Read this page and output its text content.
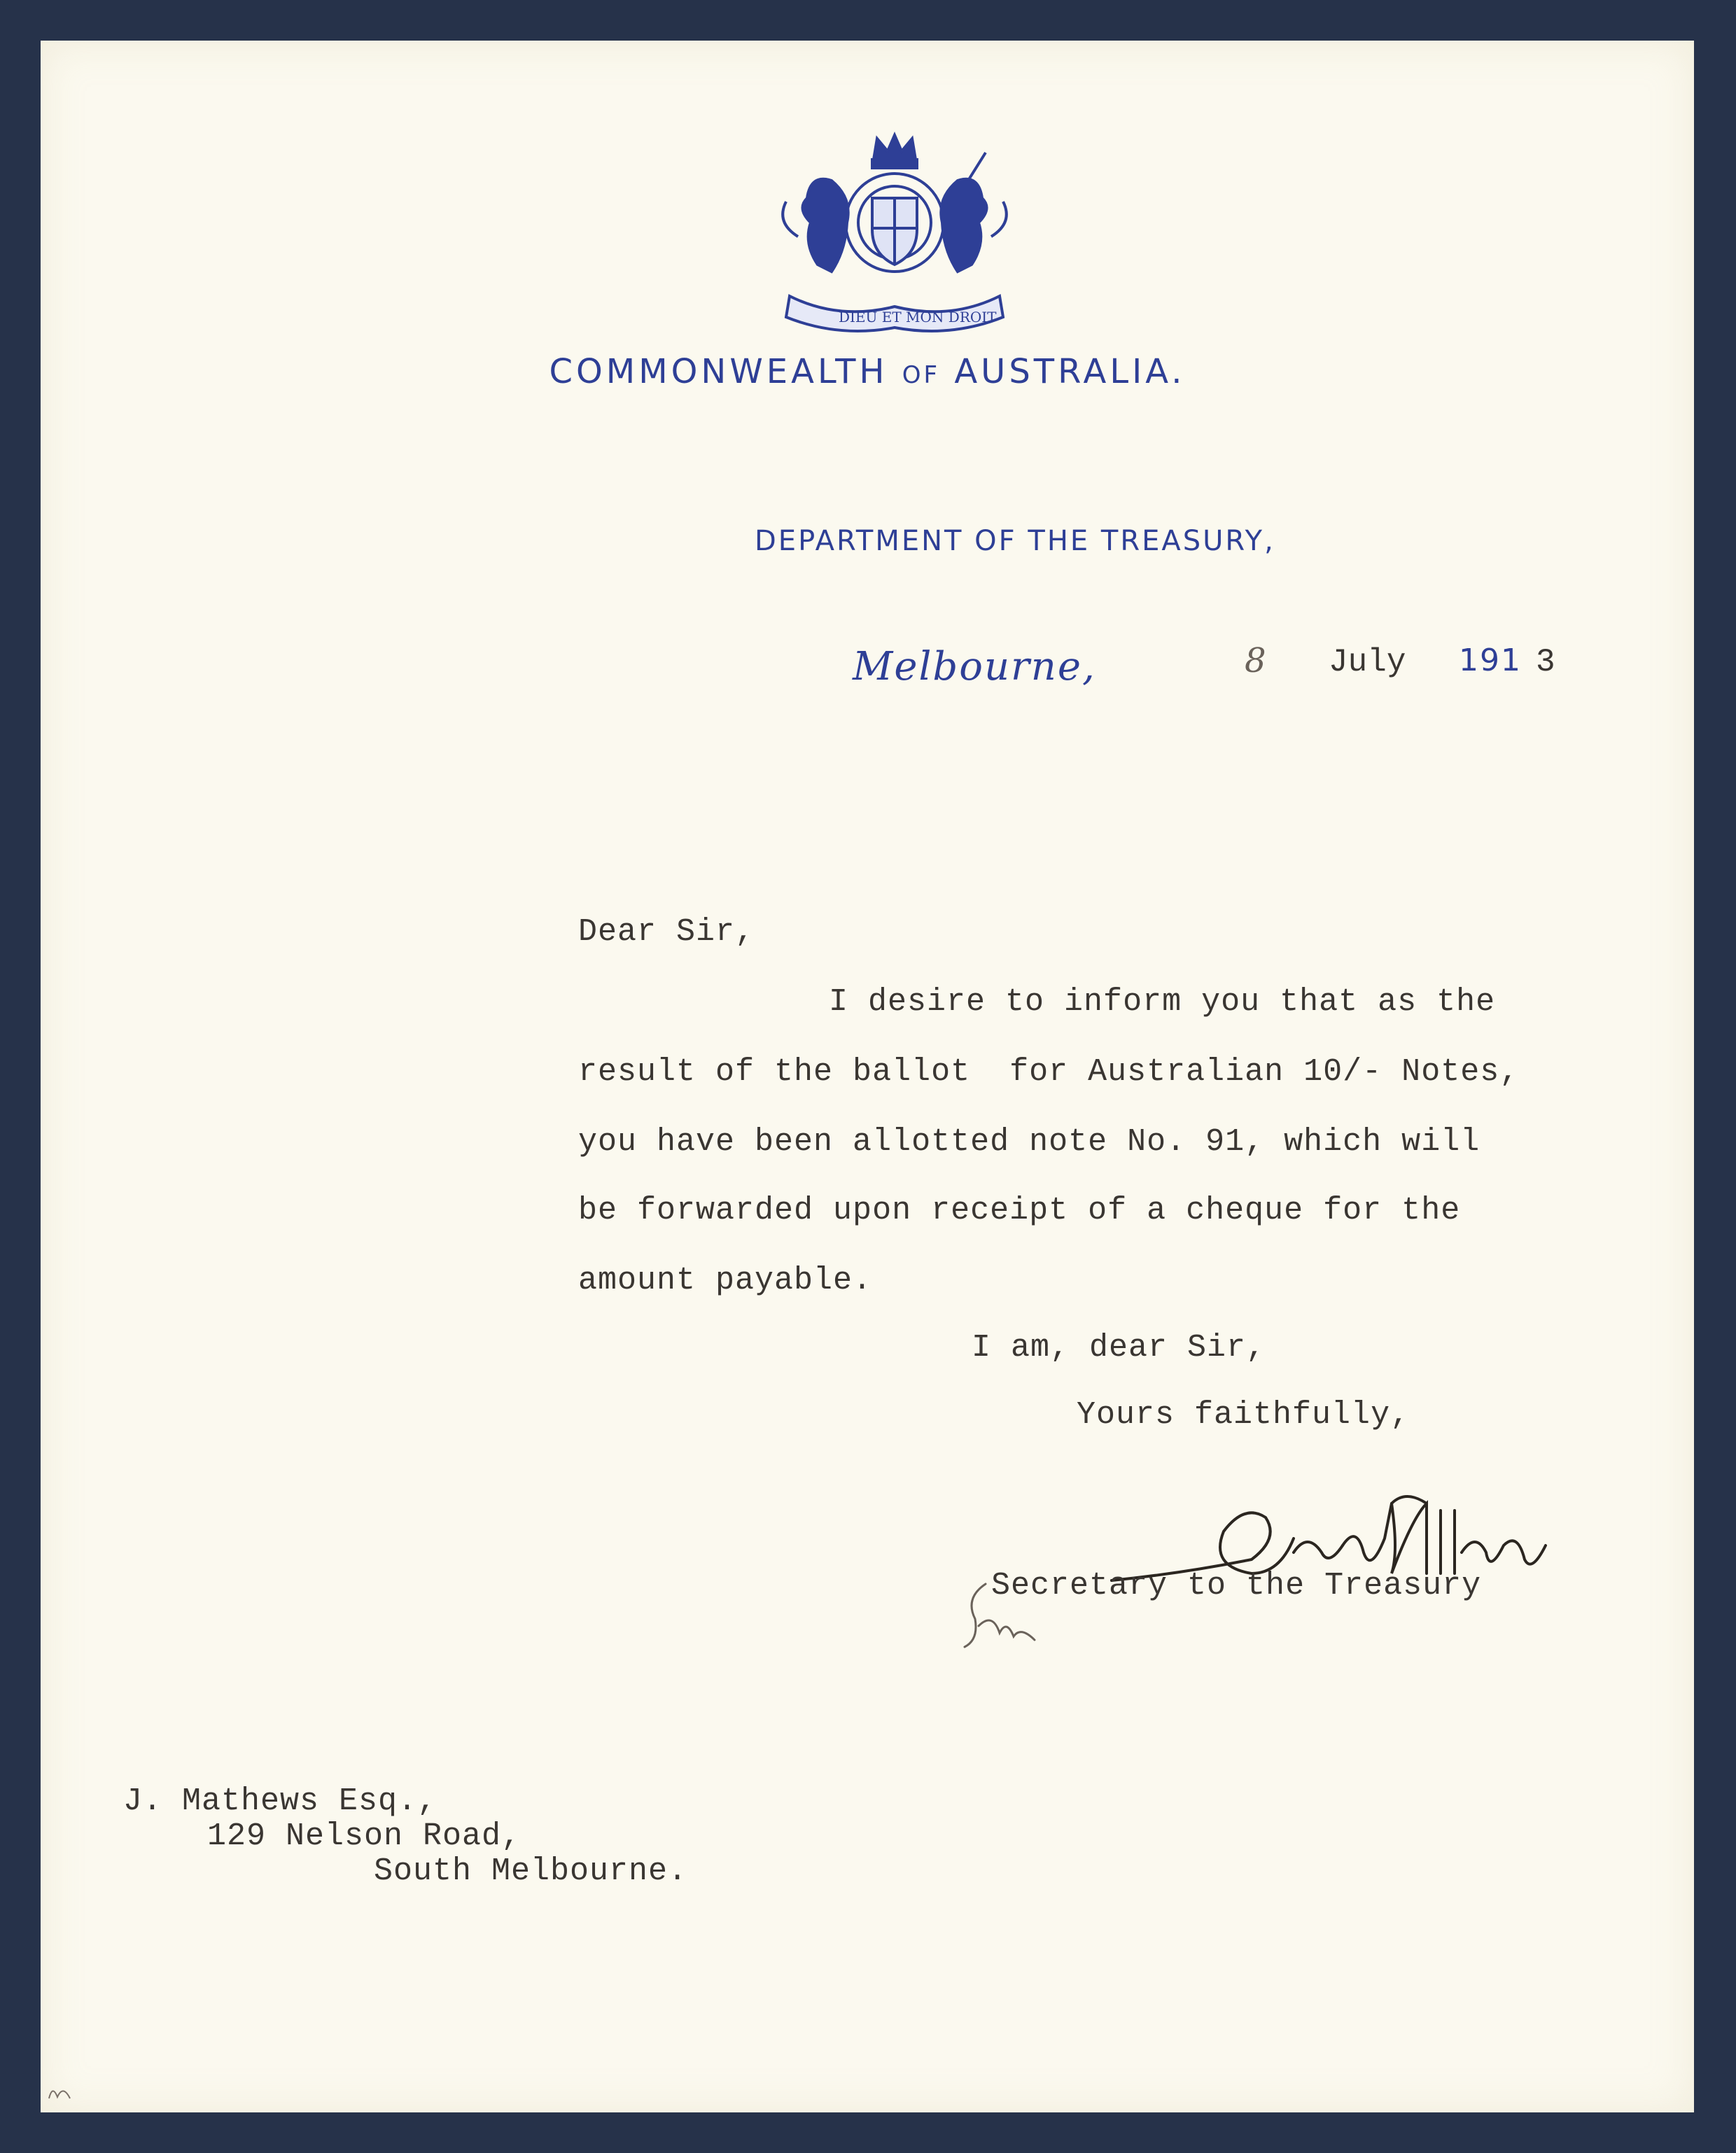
DIEU ET MON DROIT
COMMONWEALTH OF AUSTRALIA.
DEPARTMENT OF THE TREASURY,
Melbourne,	8 July 191 3
Dear Sir,
I desire to inform you that as the
result of the ballot  for Australian 10/- Notes,
you have been allotted note No. 91, which will
be forwarded upon receipt of a cheque for the
amount payable.
I am, dear Sir,
Yours faithfully,
Secretary to the Treasury
J. Mathews Esq.,
129 Nelson Road,
South Melbourne.
